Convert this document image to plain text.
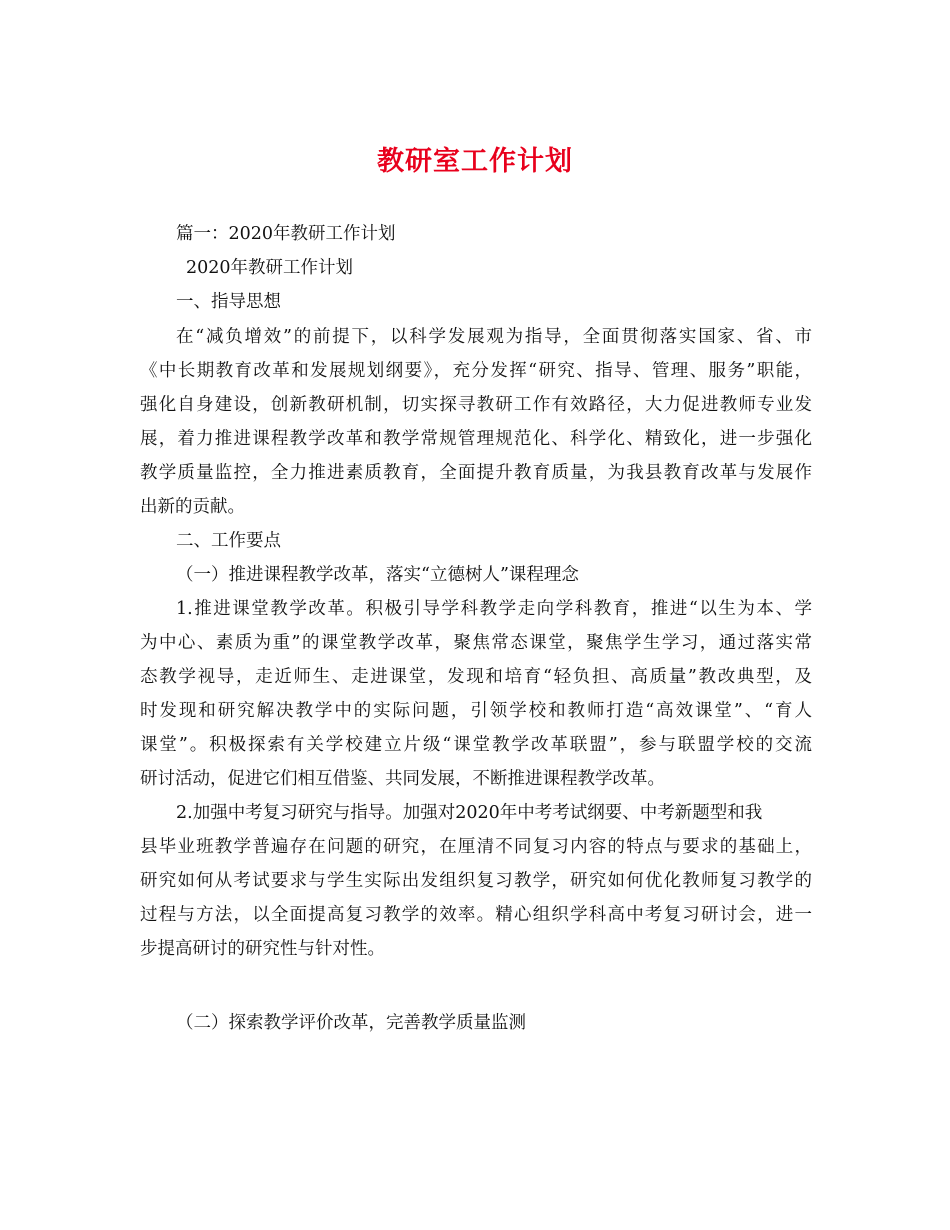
教研室工作计划
篇一：2020年教研工作计划
2020年教研工作计划
一、指导思想
在“减负增效”的前提下，以科学发展观为指导，全面贯彻落实国家、省、市
《中长期教育改革和发展规划纲要》，充分发挥“研究、指导、管理、服务”职能，
强化自身建设，创新教研机制，切实探寻教研工作有效路径，大力促进教师专业发
展，着力推进课程教学改革和教学常规管理规范化、科学化、精致化，进一步强化
教学质量监控，全力推进素质教育，全面提升教育质量，为我县教育改革与发展作
出新的贡献。
二、工作要点
（一）推进课程教学改革，落实“立德树人”课程理念
1.推进课堂教学改革。积极引导学科教学走向学科教育，推进“以生为本、学
为中心、素质为重”的课堂教学改革，聚焦常态课堂，聚焦学生学习，通过落实常
态教学视导，走近师生、走进课堂，发现和培育“轻负担、高质量”教改典型，及
时发现和研究解决教学中的实际问题，引领学校和教师打造“高效课堂”、“育人
课堂”。积极探索有关学校建立片级“课堂教学改革联盟”，参与联盟学校的交流
研讨活动，促进它们相互借鉴、共同发展，不断推进课程教学改革。
2.加强中考复习研究与指导。加强对2020年中考考试纲要、中考新题型和我
县毕业班教学普遍存在问题的研究，在厘清不同复习内容的特点与要求的基础上，
研究如何从考试要求与学生实际出发组织复习教学，研究如何优化教师复习教学的
过程与方法，以全面提高复习教学的效率。精心组织学科高中考复习研讨会，进一
步提高研讨的研究性与针对性。
（二）探索教学评价改革，完善教学质量监测
